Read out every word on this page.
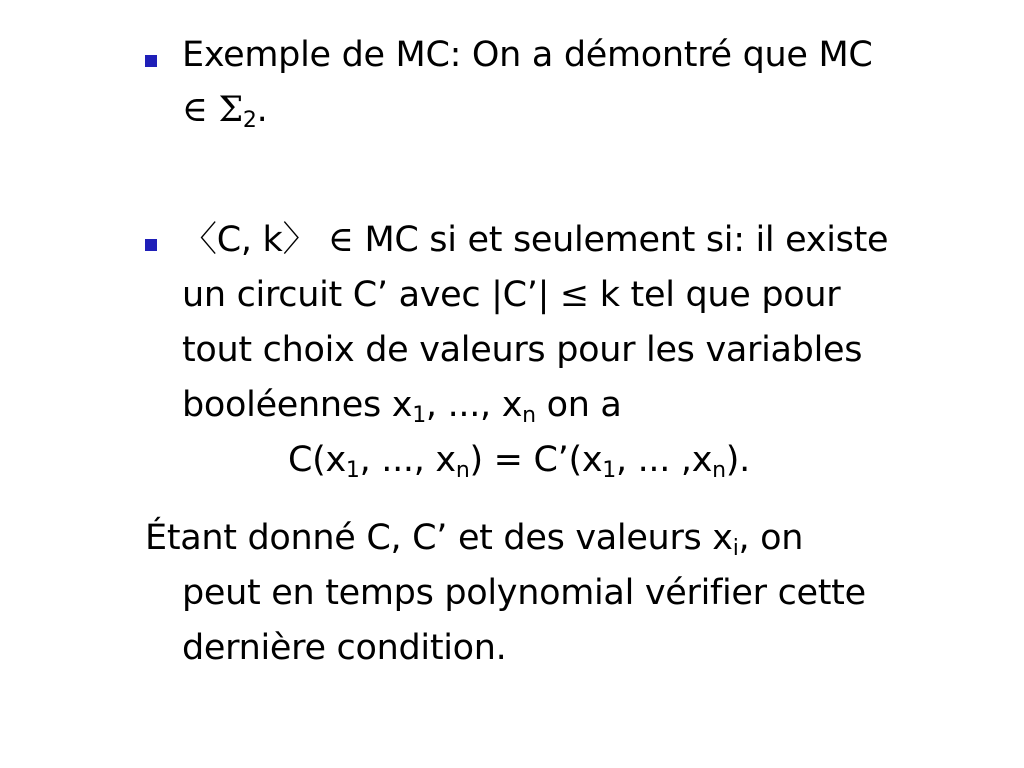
Exemple de MC: On a démontré que MC
∈ $\Sigma_2$.
〈C, k〉 ∈ MC si et seulement si: il existe
un circuit C’ avec |C’| ≤ k tel que pour
tout choix de valeurs pour les variables
booléennes $x_1$, ..., $x_n$ on a
$C(x_1$, ..., $x_n$) = $C’(x_1$, ... $,x_n$).
Étant donné C, C’ et des valeurs $x_i$, on
peut en temps polynomial vérifier cette
dernière condition.
